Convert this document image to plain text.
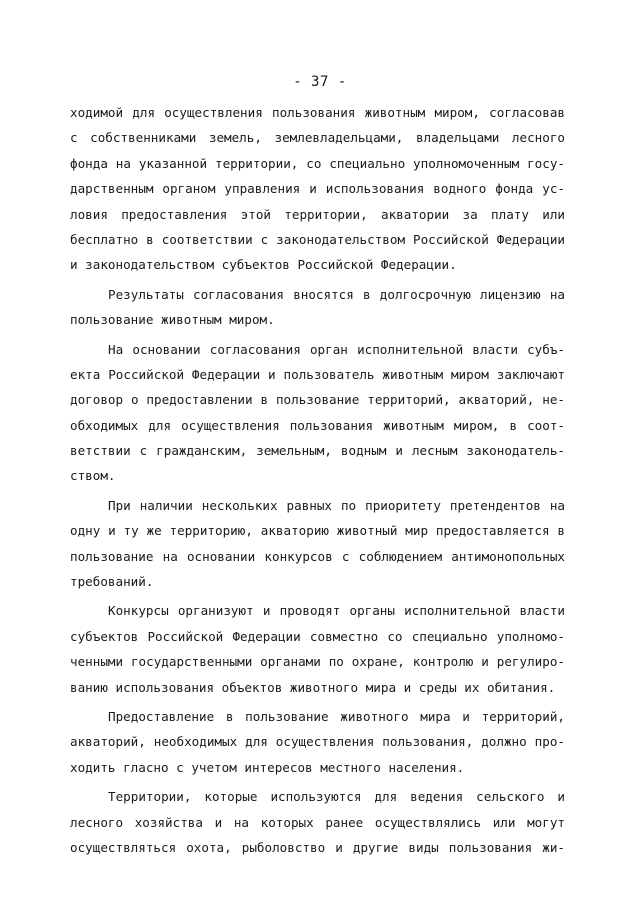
- 37 -
ходимой для осуществления пользования животным миром, согласовав
с собственниками земель, землевладельцами, владельцами лесного
фонда на указанной территории, со специально уполномоченным госу-
дарственным органом управления и использования водного фонда ус-
ловия предоставления этой территории, акватории за плату или
бесплатно в соответствии с законодательством Российской Федерации
и законодательством субъектов Российской Федерации.
Результаты согласования вносятся в долгосрочную лицензию на
пользование животным миром.
На основании согласования орган исполнительной власти субъ-
екта Российской Федерации и пользователь животным миром заключают
договор о предоставлении в пользование территорий, акваторий, не-
обходимых для осуществления пользования животным миром, в соот-
ветствии с гражданским, земельным, водным и лесным законодатель-
ством.
При наличии нескольких равных по приоритету претендентов на
одну и ту же территорию, акваторию животный мир предоставляется в
пользование на основании конкурсов с соблюдением антимонопольных
требований.
Конкурсы организуют и проводят органы исполнительной власти
субъектов Российской Федерации совместно со специально уполномо-
ченными государственными органами по охране, контролю и регулиро-
ванию использования объектов животного мира и среды их обитания.
Предоставление в пользование животного мира и территорий,
акваторий, необходимых для осуществления пользования, должно про-
ходить гласно с учетом интересов местного населения.
Территории, которые используются для ведения сельского и
лесного хозяйства и на которых ранее осуществлялись или могут
осуществляться охота, рыболовство и другие виды пользования жи-
